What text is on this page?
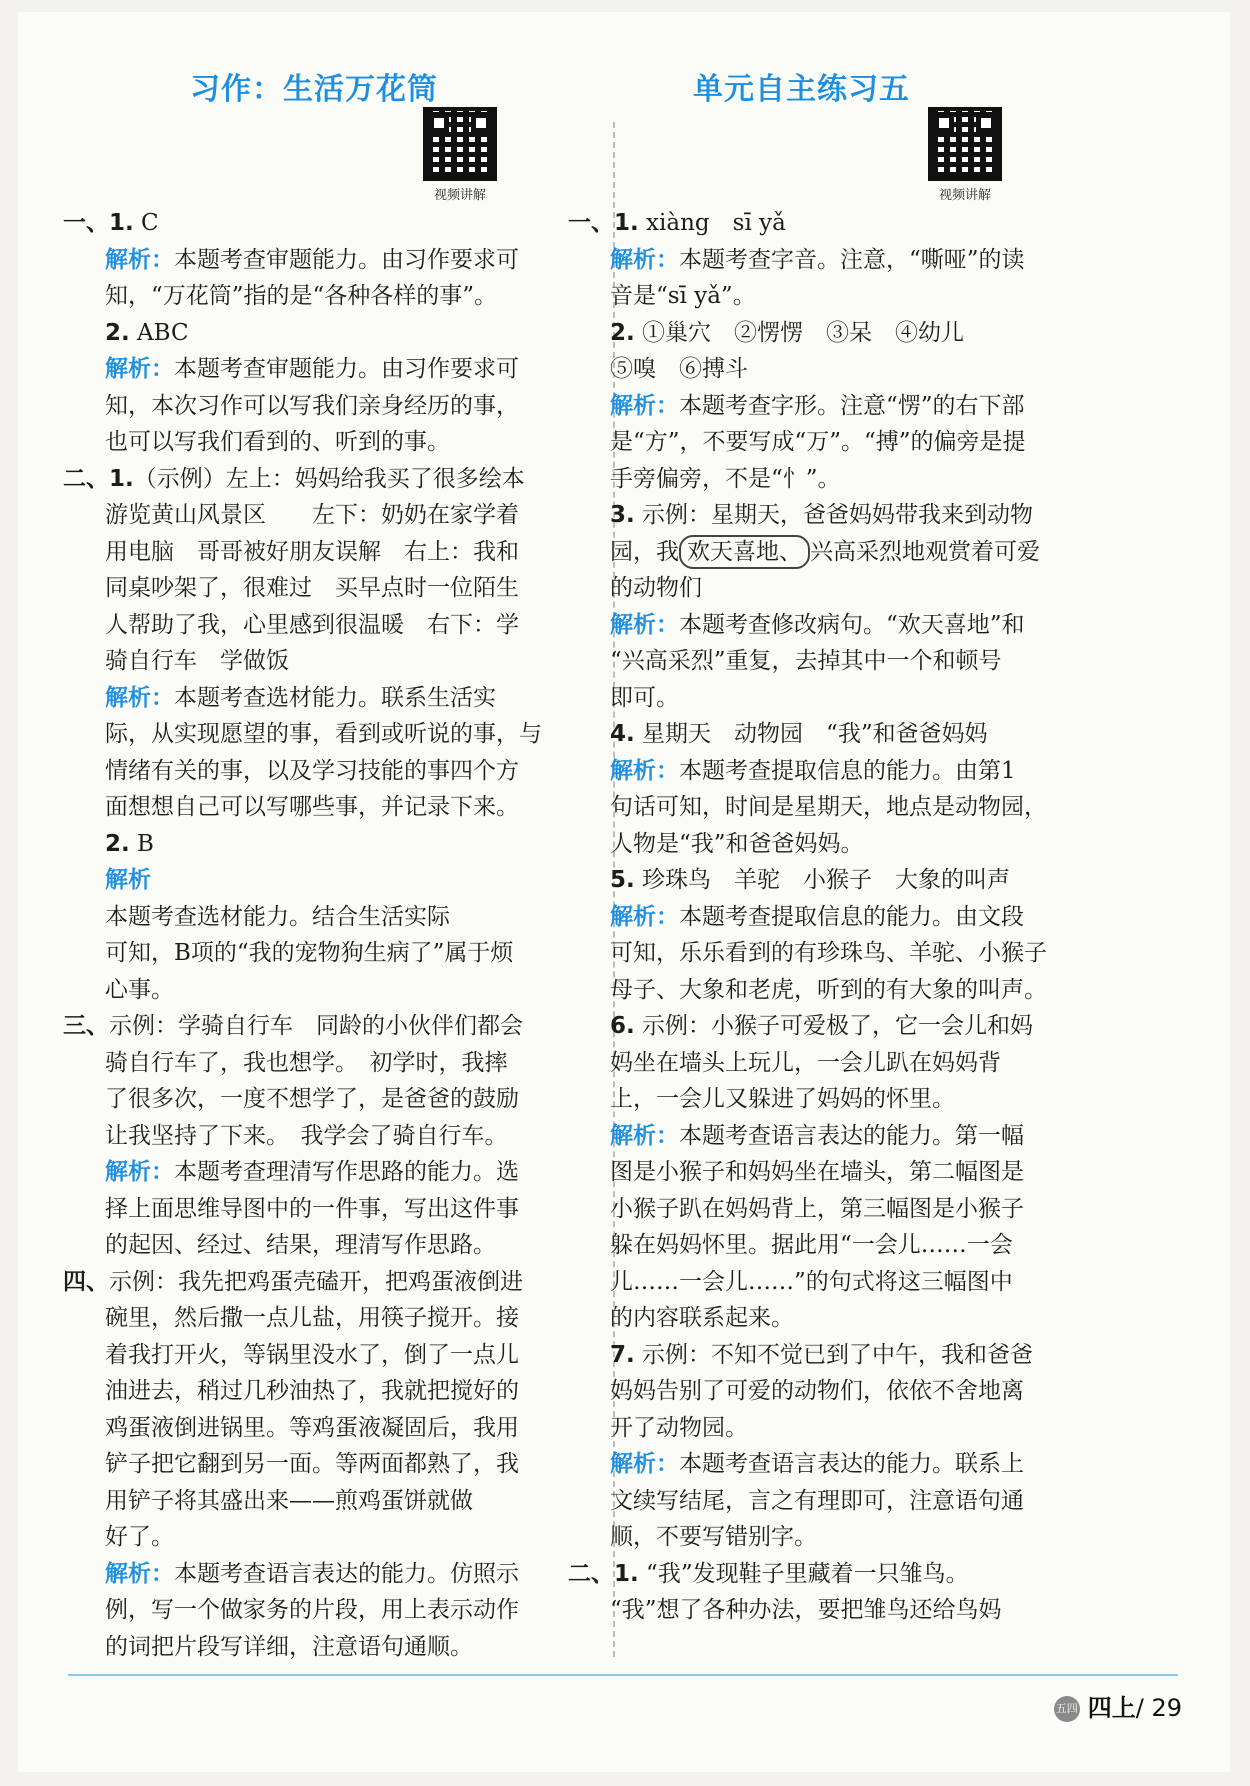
习作：生活万花筒
视频讲解

一、1. C

解析：本题考查审题能力。由习作要求可

知，“万花筒”指的是“各种各样的事”。

2. ABC

解析：本题考查审题能力。由习作要求可

知，本次习作可以写我们亲身经历的事，

也可以写我们看到的、听到的事。

二、1.（示例）左上：妈妈给我买了很多绘本

游览黄山风景区　　左下：奶奶在家学着

用电脑　哥哥被好朋友误解　右上：我和

同桌吵架了，很难过　买早点时一位陌生

人帮助了我，心里感到很温暖　右下：学

骑自行车　学做饭

解析：本题考查选材能力。联系生活实

际，从实现愿望的事，看到或听说的事，与

情绪有关的事，以及学习技能的事四个方

面想想自己可以写哪些事，并记录下来。

2. B

解析

本题考查选材能力。结合生活实际

可知，B项的“我的宠物狗生病了”属于烦

心事。

三、示例：学骑自行车　同龄的小伙伴们都会

骑自行车了，我也想学。　初学时，我摔

了很多次，一度不想学了，是爸爸的鼓励

让我坚持了下来。　我学会了骑自行车。

解析：本题考查理清写作思路的能力。选

择上面思维导图中的一件事，写出这件事

的起因、经过、结果，理清写作思路。

四、示例：我先把鸡蛋壳磕开，把鸡蛋液倒进

碗里，然后撒一点儿盐，用筷子搅开。接

着我打开火，等锅里没水了，倒了一点儿

油进去，稍过几秒油热了，我就把搅好的

鸡蛋液倒进锅里。等鸡蛋液凝固后，我用

铲子把它翻到另一面。等两面都熟了，我

用铲子将其盛出来——煎鸡蛋饼就做

好了。

解析：本题考查语言表达的能力。仿照示

例，写一个做家务的片段，用上表示动作

的词把片段写详细，注意语句通顺。

单元自主练习五
视频讲解

一、1. xiàng　sī yǎ

解析：本题考查字音。注意，“嘶哑”的读

音是“sī yǎ”。

2. ①巢穴　②愣愣　③呆　④幼儿

⑤嗅　⑥搏斗

解析：本题考查字形。注意“愣”的右下部

是“方”，不要写成“万”。“搏”的偏旁是提

手旁偏旁，不是“忄”。

3. 示例：星期天，爸爸妈妈带我来到动物

园，我 欢天喜地、 兴高采烈地观赏着可爱

的动物们

解析：本题考查修改病句。“欢天喜地”和

“兴高采烈”重复，去掉其中一个和顿号

即可。

4. 星期天　动物园　“我”和爸爸妈妈

解析：本题考查提取信息的能力。由第1

句话可知，时间是星期天，地点是动物园，

人物是“我”和爸爸妈妈。

5. 珍珠鸟　羊驼　小猴子　大象的叫声

解析：本题考查提取信息的能力。由文段

可知，乐乐看到的有珍珠鸟、羊驼、小猴子

母子、大象和老虎，听到的有大象的叫声。

6. 示例：小猴子可爱极了，它一会儿和妈

妈坐在墙头上玩儿，一会儿趴在妈妈背

上，一会儿又躲进了妈妈的怀里。

解析：本题考查语言表达的能力。第一幅

图是小猴子和妈妈坐在墙头，第二幅图是

小猴子趴在妈妈背上，第三幅图是小猴子

躲在妈妈怀里。据此用“一会儿……一会

儿……一会儿……”的句式将这三幅图中

的内容联系起来。

7. 示例：不知不觉已到了中午，我和爸爸

妈妈告别了可爱的动物们，依依不舍地离

开了动物园。

解析：本题考查语言表达的能力。联系上

文续写结尾，言之有理即可，注意语句通

顺，不要写错别字。

二、1. “我”发现鞋子里藏着一只雏鸟。

“我”想了各种办法，要把雏鸟还给鸟妈

五四 四上/ 29
